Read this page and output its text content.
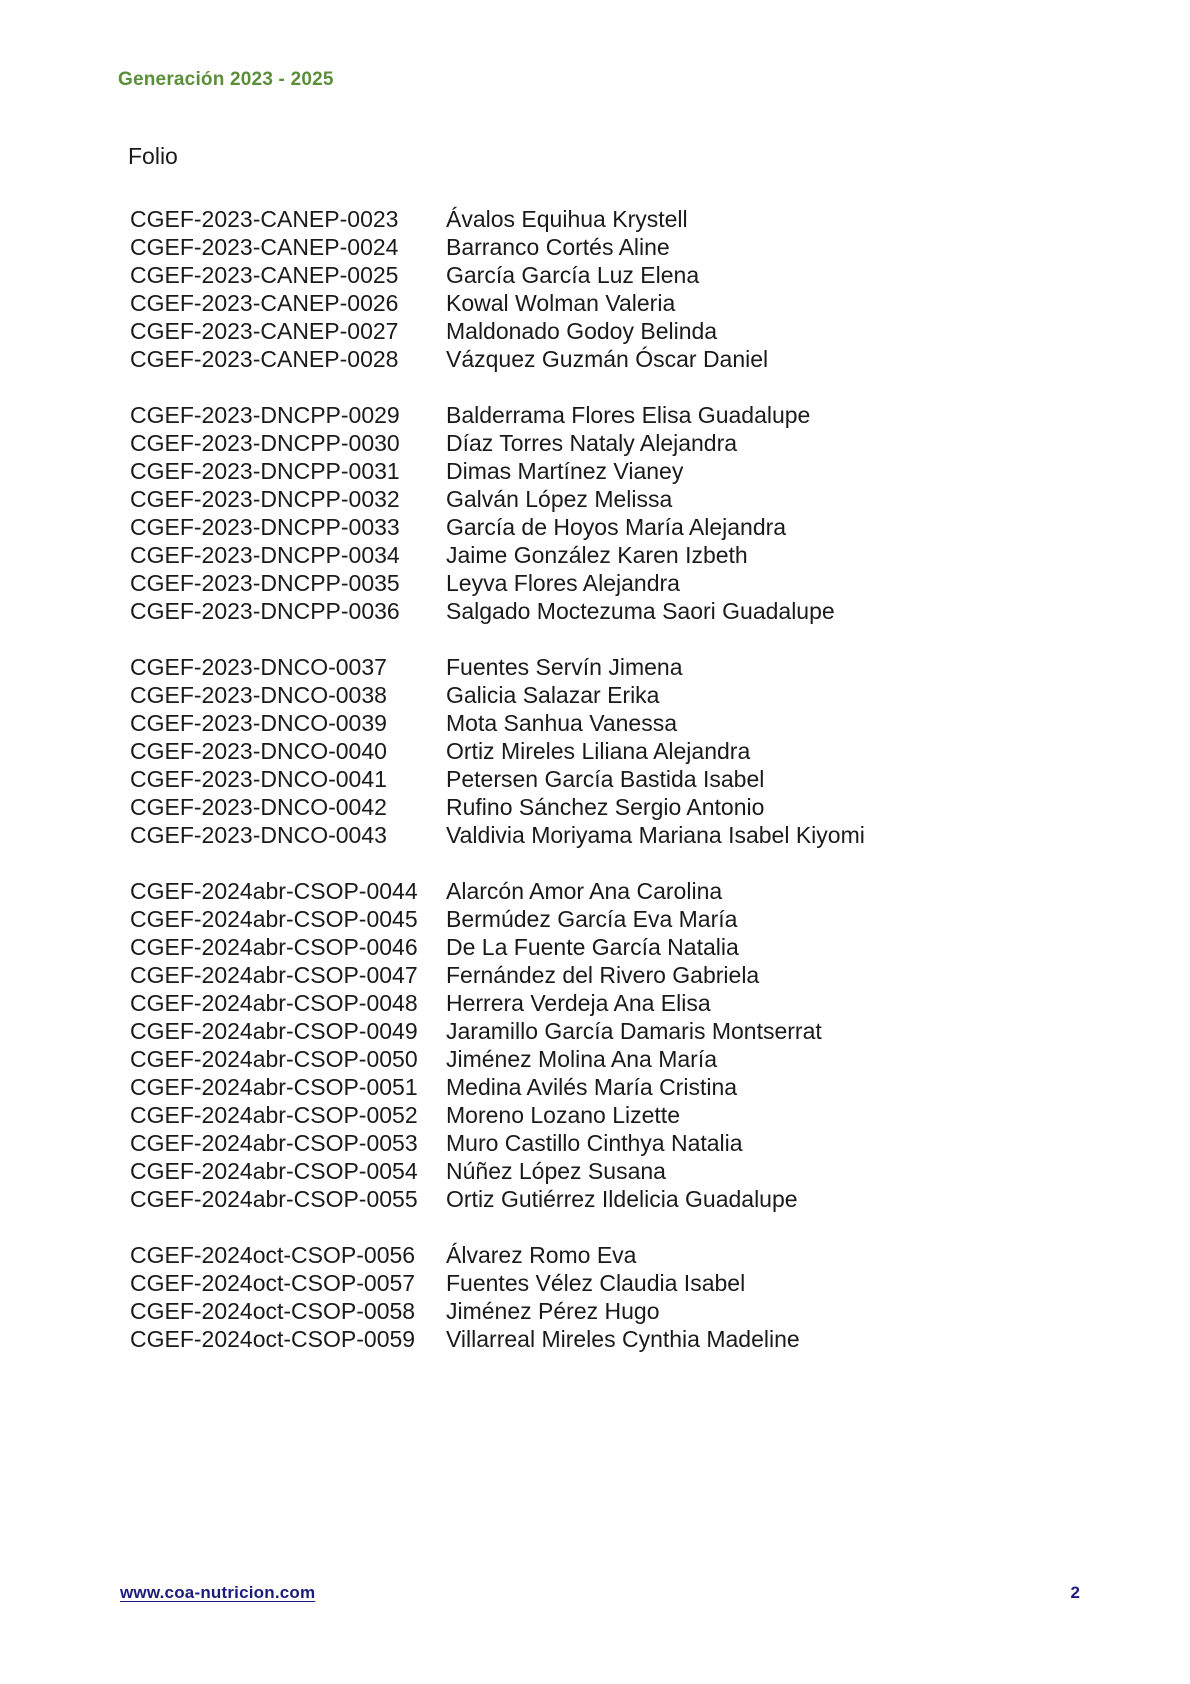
Generación 2023 - 2025
Folio
CGEF-2023-CANEP-0023	Ávalos Equihua Krystell
CGEF-2023-CANEP-0024	Barranco Cortés Aline
CGEF-2023-CANEP-0025	García García Luz Elena
CGEF-2023-CANEP-0026	Kowal Wolman Valeria
CGEF-2023-CANEP-0027	Maldonado Godoy Belinda
CGEF-2023-CANEP-0028	Vázquez Guzmán Óscar Daniel
CGEF-2023-DNCPP-0029	Balderrama Flores Elisa Guadalupe
CGEF-2023-DNCPP-0030	Díaz Torres Nataly Alejandra
CGEF-2023-DNCPP-0031	Dimas Martínez Vianey
CGEF-2023-DNCPP-0032	Galván López Melissa
CGEF-2023-DNCPP-0033	García de Hoyos María Alejandra
CGEF-2023-DNCPP-0034	Jaime González Karen Izbeth
CGEF-2023-DNCPP-0035	Leyva Flores Alejandra
CGEF-2023-DNCPP-0036	Salgado Moctezuma Saori Guadalupe
CGEF-2023-DNCO-0037	Fuentes Servín Jimena
CGEF-2023-DNCO-0038	Galicia Salazar Erika
CGEF-2023-DNCO-0039	Mota Sanhua Vanessa
CGEF-2023-DNCO-0040	Ortiz Mireles Liliana Alejandra
CGEF-2023-DNCO-0041	Petersen García Bastida Isabel
CGEF-2023-DNCO-0042	Rufino Sánchez Sergio Antonio
CGEF-2023-DNCO-0043	Valdivia Moriyama Mariana Isabel Kiyomi
CGEF-2024abr-CSOP-0044	Alarcón Amor Ana Carolina
CGEF-2024abr-CSOP-0045	Bermúdez García Eva María
CGEF-2024abr-CSOP-0046	De La Fuente García Natalia
CGEF-2024abr-CSOP-0047	Fernández del Rivero Gabriela
CGEF-2024abr-CSOP-0048	Herrera Verdeja Ana Elisa
CGEF-2024abr-CSOP-0049	Jaramillo García Damaris Montserrat
CGEF-2024abr-CSOP-0050	Jiménez Molina Ana María
CGEF-2024abr-CSOP-0051	Medina Avilés María Cristina
CGEF-2024abr-CSOP-0052	Moreno Lozano Lizette
CGEF-2024abr-CSOP-0053	Muro Castillo Cinthya Natalia
CGEF-2024abr-CSOP-0054	Núñez López Susana
CGEF-2024abr-CSOP-0055	Ortiz Gutiérrez Ildelicia Guadalupe
CGEF-2024oct-CSOP-0056	Álvarez Romo Eva
CGEF-2024oct-CSOP-0057	Fuentes Vélez Claudia Isabel
CGEF-2024oct-CSOP-0058	Jiménez Pérez Hugo
CGEF-2024oct-CSOP-0059	Villarreal Mireles Cynthia Madeline
www.coa-nutricion.com	2
